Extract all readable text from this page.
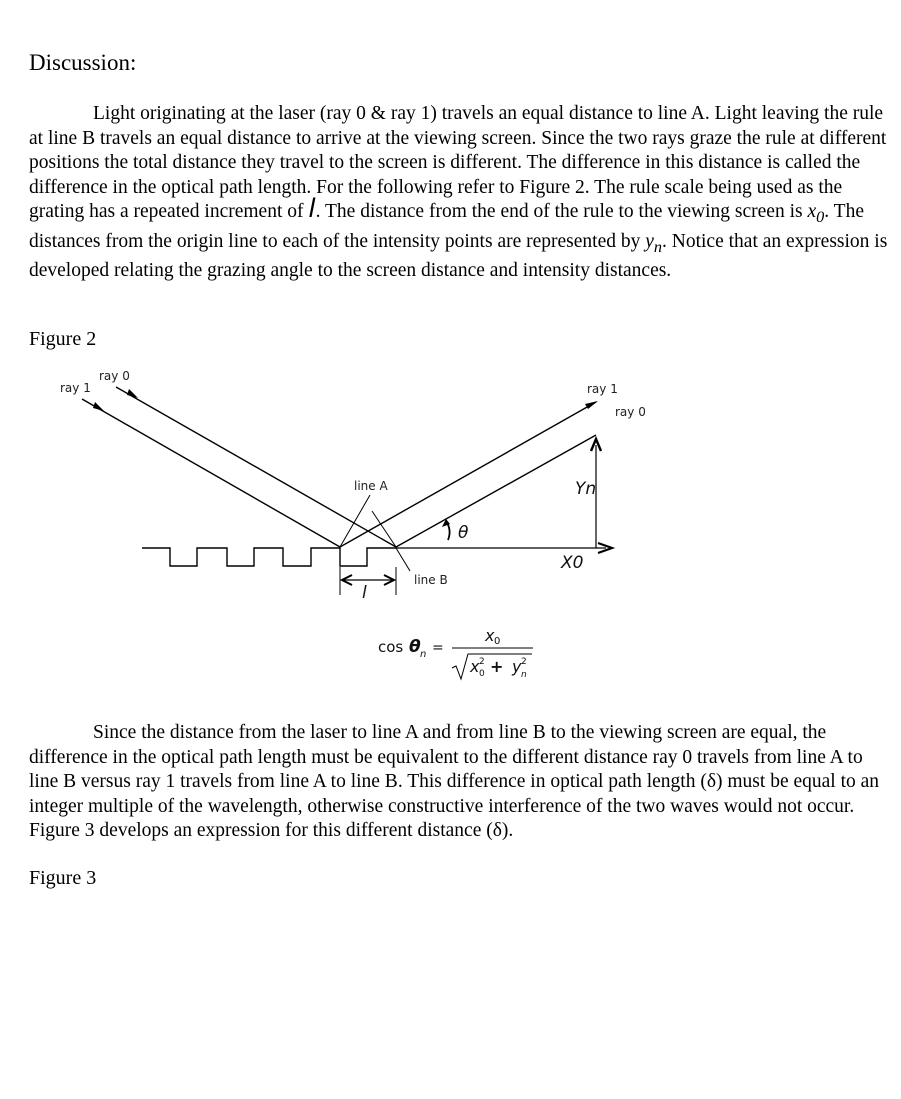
Discussion:

Light originating at the laser (ray 0 & ray 1) travels an equal distance to line A. Light leaving the rule at line B travels an equal distance to arrive at the viewing screen. Since the two rays graze the rule at different positions the total distance they travel to the screen is different. The difference in this distance is called the difference in the optical path length. For the following refer to Figure 2. The rule scale being used as the grating has a repeated increment of l. The distance from the end of the rule to the viewing screen is $x_0$. The distances from the origin line to each of the intensity points are represented by $y_n$. Notice that an expression is developed relating the grazing angle to the screen distance and intensity distances.

Figure 2
ray 1
ray 0
ray 1
ray 0
line A
line B
l
θ
Yn
X0
cos θ n =
x 0
x 0
2 + y n
2

Since the distance from the laser to line A and from line B to the viewing screen are equal, the difference in the optical path length must be equivalent to the different distance ray 0 travels from line A to line B versus ray 1 travels from line A to line B. This difference in optical path length (δ) must be equal to an integer multiple of the wavelength, otherwise constructive interference of the two waves would not occur. Figure 3 develops an expression for this different distance (δ).

Figure 3
